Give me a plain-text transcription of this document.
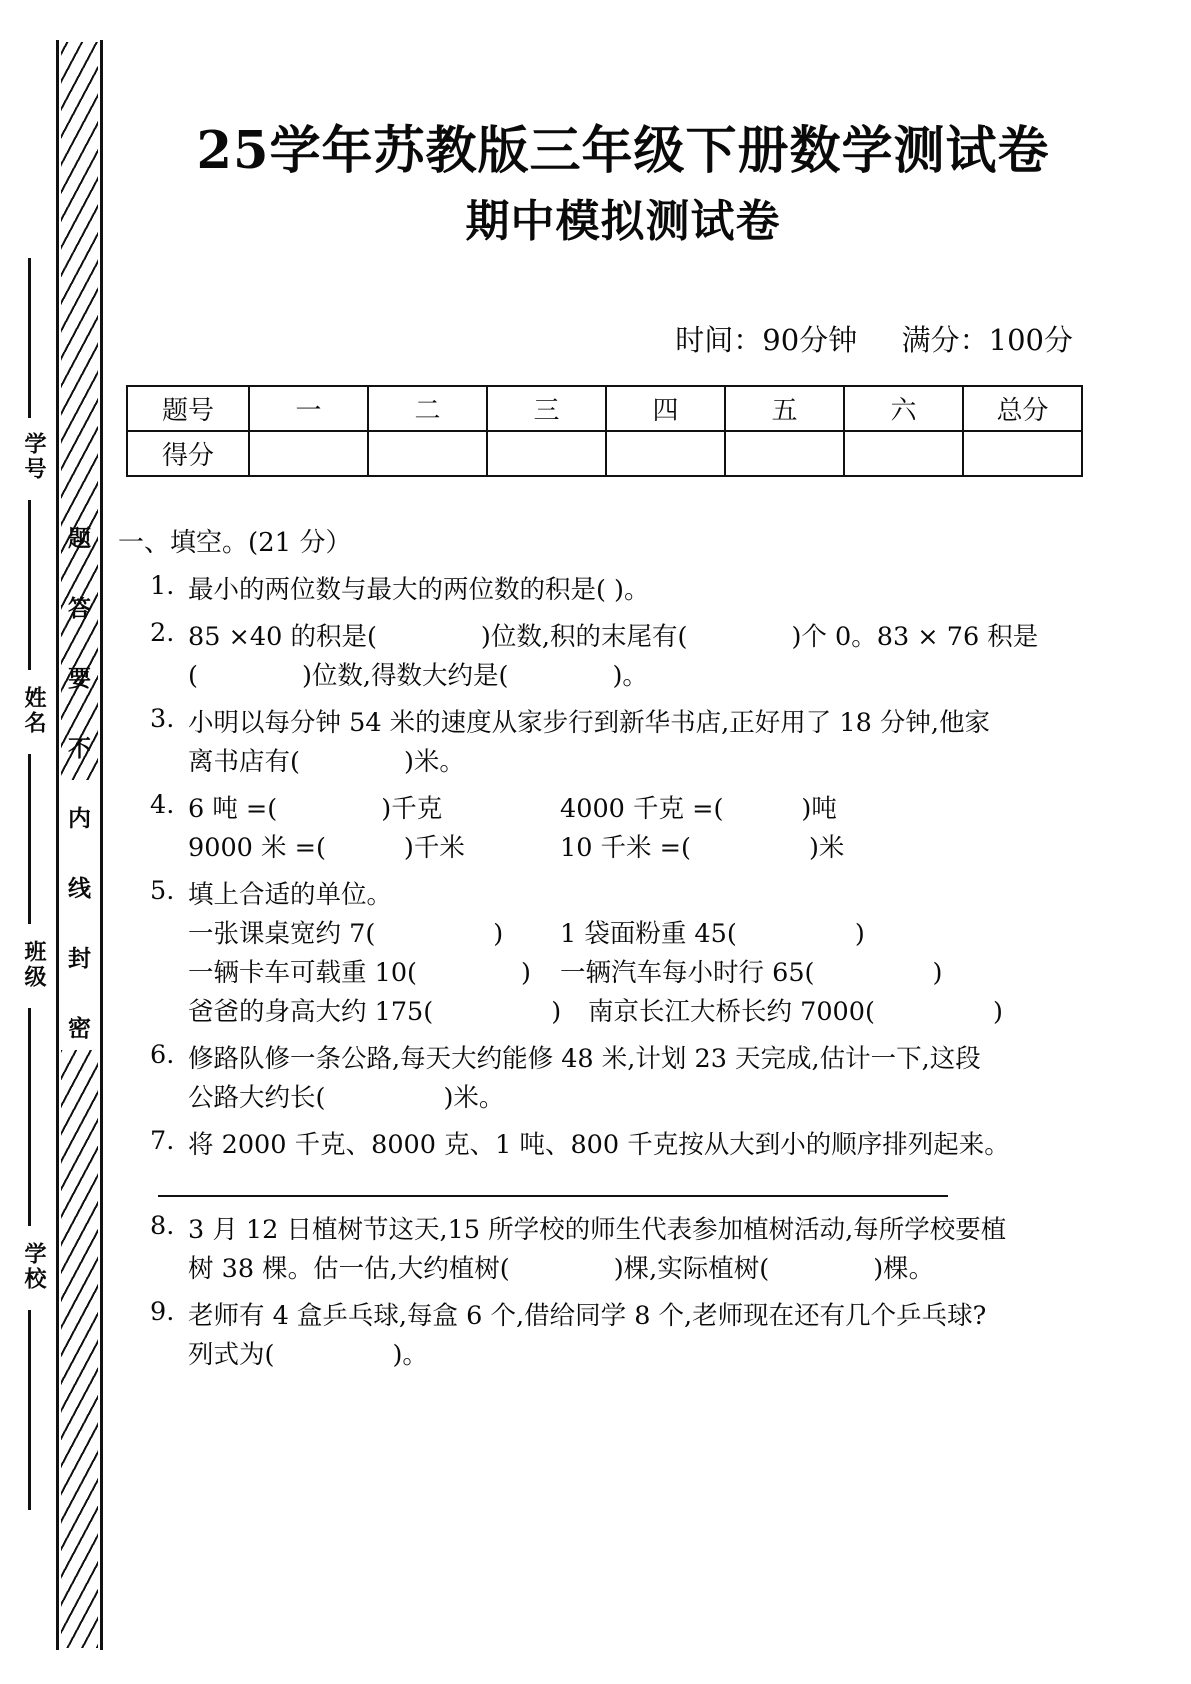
题
答
要
不
内
线
封
密
学号
姓名
班级
学校
25学年苏教版三年级下册数学测试卷
期中模拟测试卷
时间：90分钟 满分：100分
题号	一	二	三	四	五	六	总分
得分							
一、填空。(21 分）
1. 最小的两位数与最大的两位数的积是( )。
2. 85 ×40 的积是(	)位数,积的末尾有(	)个 0。83 × 76 积是
(	)位数,得数大约是(	)。
3. 小明以每分钟 54 米的速度从家步行到新华书店,正好用了 18 分钟,他家
离书店有(	)米。
4. 6 吨 =(	)千克	4000 千克 =(	)吨
9000 米 =(	)千米	10 千米 =(	)米
5. 填上合适的单位。
一张课桌宽约 7(	)	1 袋面粉重 45(	)
一辆卡车可载重 10(	)	一辆汽车每小时行 65(	)
爸爸的身高大约 175(	)	南京长江大桥长约 7000(	)
6. 修路队修一条公路,每天大约能修 48 米,计划 23 天完成,估计一下,这段
公路大约长(	)米。
7. 将 2000 千克、8000 克、1 吨、800 千克按从大到小的顺序排列起来。
8. 3 月 12 日植树节这天,15 所学校的师生代表参加植树活动,每所学校要植
树 38 棵。估一估,大约植树(	)棵,实际植树(	)棵。
9. 老师有 4 盒乒乓球,每盒 6 个,借给同学 8 个,老师现在还有几个乒乓球?
列式为(	)。
